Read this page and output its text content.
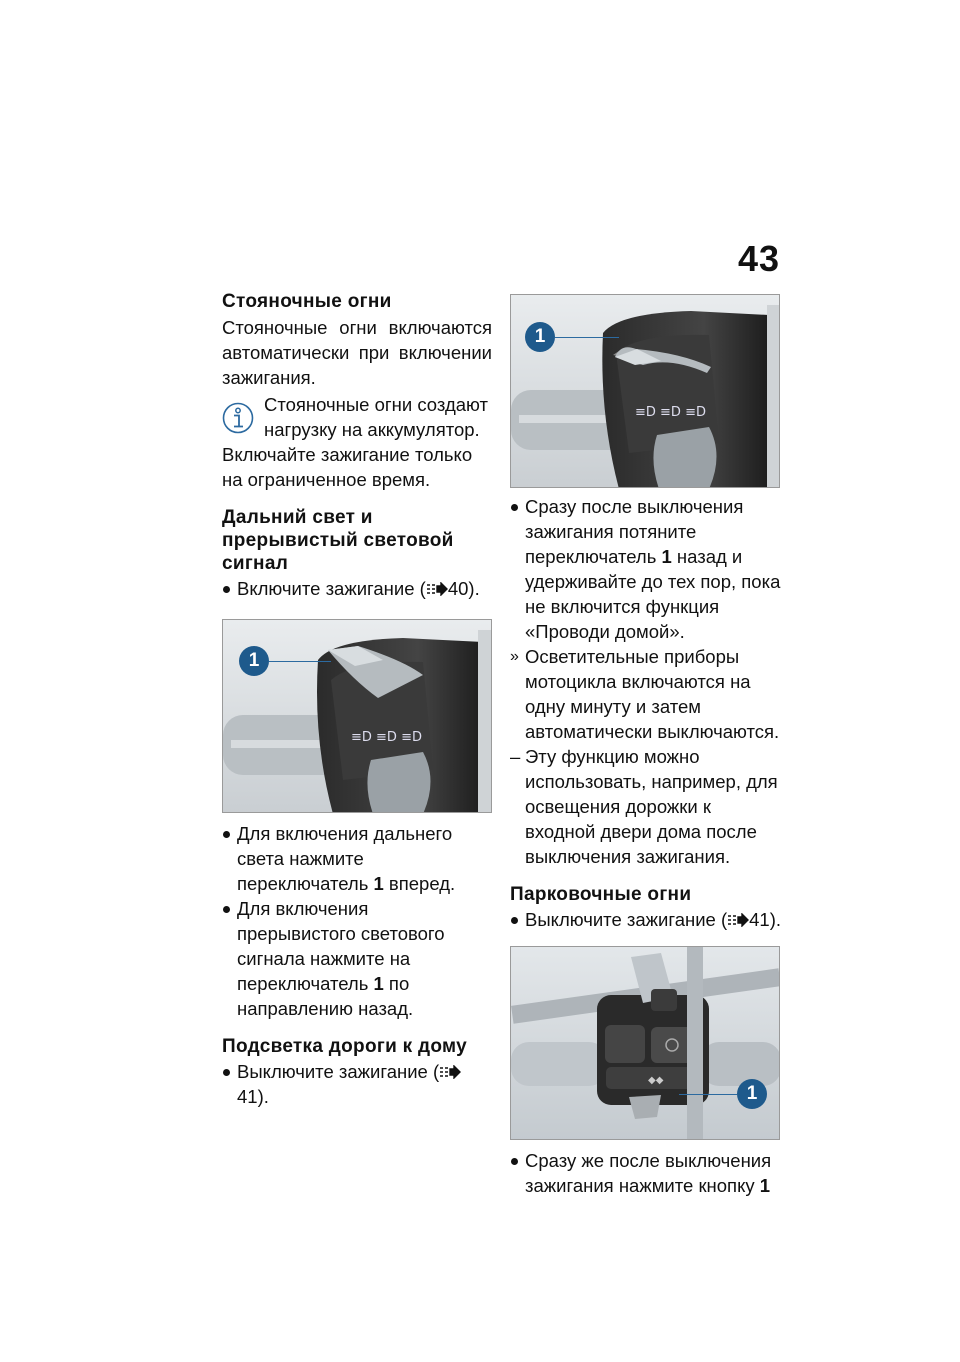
43

Стояночные огни

Стояночные огни включаются автоматически при включении зажигания.

Стояночные огни создают нагрузку на аккумулятор.

Включайте зажигание только на ограниченное время.

Дальний свет и прерывистый световой сигнал

Включите зажигание ( 40).

≡D ≡D ≡D
1

Для включения дальнего света нажмите переключатель 1 вперед.

Для включения прерывистого светового сигнала нажмите на переключатель 1 по направлению назад.

Подсветка дороги к дому

Выключите зажигание (41).

≡D ≡D ≡D
1

Сразу после выключения зажигания потяните переключатель 1 назад и удерживайте до тех пор, пока не включится функция «Проводи домой».

» Осветительные приборы мотоцикла включаются на одну минуту и затем автоматически выключаются.

– Эту функцию можно использовать, например, для освещения дорожки к входной двери дома после выключения зажигания.

Парковочные огни

Выключите зажигание ( 41).

◆◆
1

Сразу же после выключения зажигания нажмите кнопку 1
